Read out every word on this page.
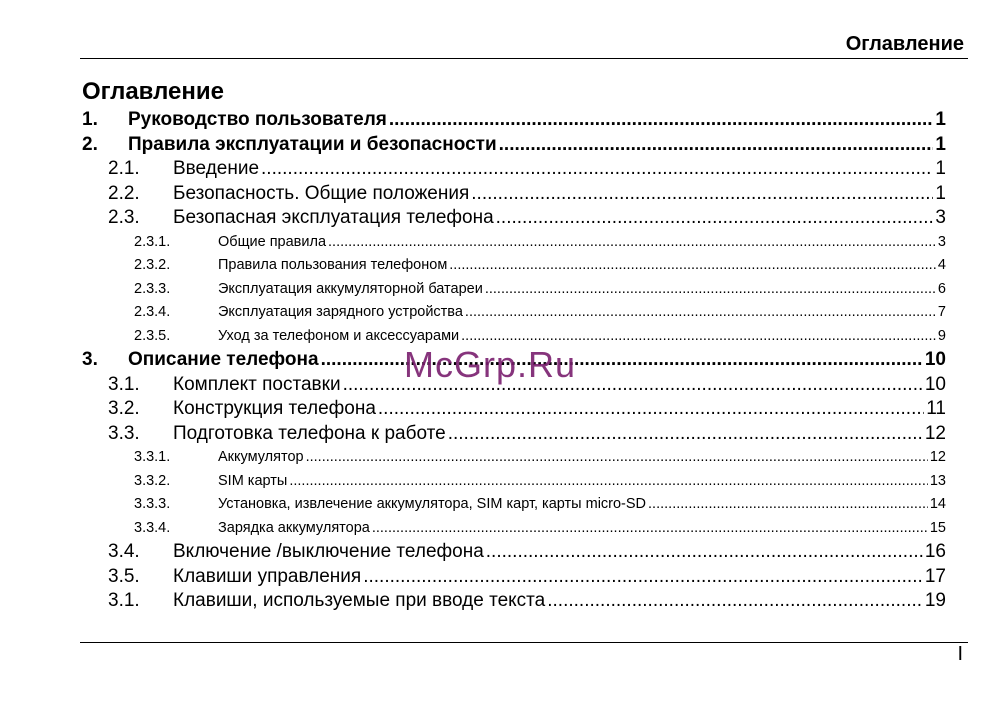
Оглавление
Оглавление
1.	Руководство пользователя .....	1
2.	Правила эксплуатации и безопасности .....	1
2.1.	Введение .....	1
2.2.	Безопасность. Общие положения .....	1
2.3.	Безопасная эксплуатация телефона .....	3
2.3.1.	Общие правила .....	3
2.3.2.	Правила пользования телефоном .....	4
2.3.3.	Эксплуатация аккумуляторной батареи .....	6
2.3.4.	Эксплуатация зарядного устройства .....	7
2.3.5.	Уход за телефоном и аксессуарами .....	9
3.	Описание телефона .....	10
3.1.	Комплект поставки .....	10
3.2.	Конструкция телефона .....	11
3.3.	Подготовка телефона к работе .....	12
3.3.1.	Аккумулятор .....	12
3.3.2.	SIM карты .....	13
3.3.3.	Установка, извлечение аккумулятора, SIM карт, карты micro-SD .....	14
3.3.4.	Зарядка аккумулятора .....	15
3.4.	Включение /выключение телефона .....	16
3.5.	Клавиши управления .....	17
3.1.	Клавиши, используемые при вводе текста .....	19
McGrp.Ru
I
